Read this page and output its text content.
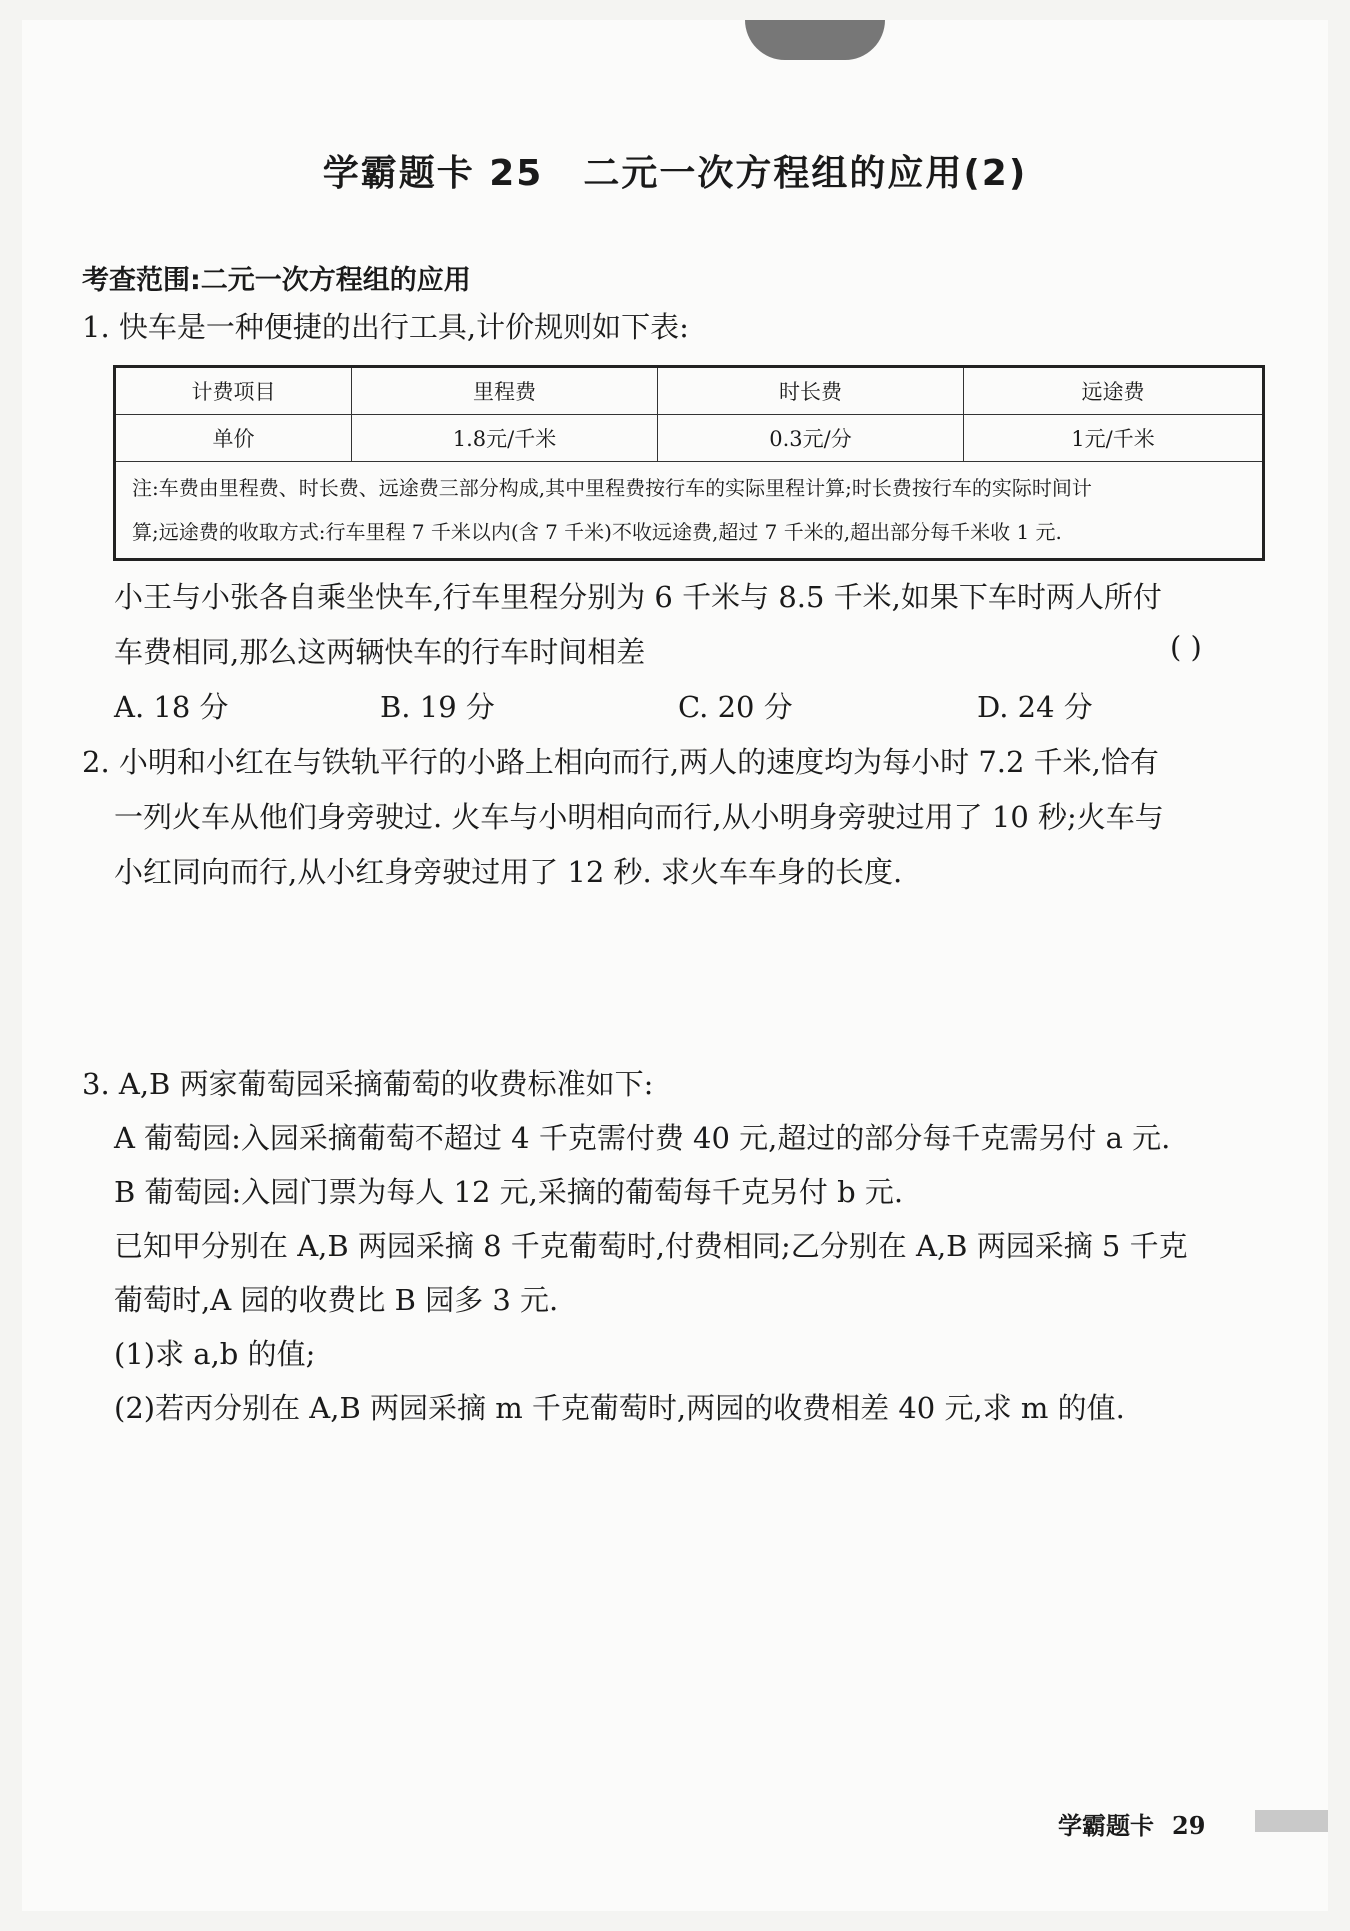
学霸题卡 25 二元一次方程组的应用(2)
考查范围:二元一次方程组的应用
1. 快车是一种便捷的出行工具,计价规则如下表:
计费项目	里程费	时长费	远途费
单价	1.8元/千米	0.3元/分	1元/千米

注:车费由里程费、时长费、远途费三部分构成,其中里程费按行车的实际里程计算;时长费按行车的实际时间计
算;远途费的收取方式:行车里程 7 千米以内(含 7 千米)不收远途费,超过 7 千米的,超出部分每千米收 1 元.			
小王与小张各自乘坐快车,行车里程分别为 6 千米与 8.5 千米,如果下车时两人所付
车费相同,那么这两辆快车的行车时间相差	( )
A. 18 分	B. 19 分	C. 20 分	D. 24 分
2. 小明和小红在与铁轨平行的小路上相向而行,两人的速度均为每小时 7.2 千米,恰有
一列火车从他们身旁驶过. 火车与小明相向而行,从小明身旁驶过用了 10 秒;火车与
小红同向而行,从小红身旁驶过用了 12 秒. 求火车车身的长度.
3. A,B 两家葡萄园采摘葡萄的收费标准如下:
A 葡萄园:入园采摘葡萄不超过 4 千克需付费 40 元,超过的部分每千克需另付 a 元.
B 葡萄园:入园门票为每人 12 元,采摘的葡萄每千克另付 b 元.
已知甲分别在 A,B 两园采摘 8 千克葡萄时,付费相同;乙分别在 A,B 两园采摘 5 千克
葡萄时,A 园的收费比 B 园多 3 元.
(1)求 a,b 的值;
(2)若丙分别在 A,B 两园采摘 m 千克葡萄时,两园的收费相差 40 元,求 m 的值.
学霸题卡 29
